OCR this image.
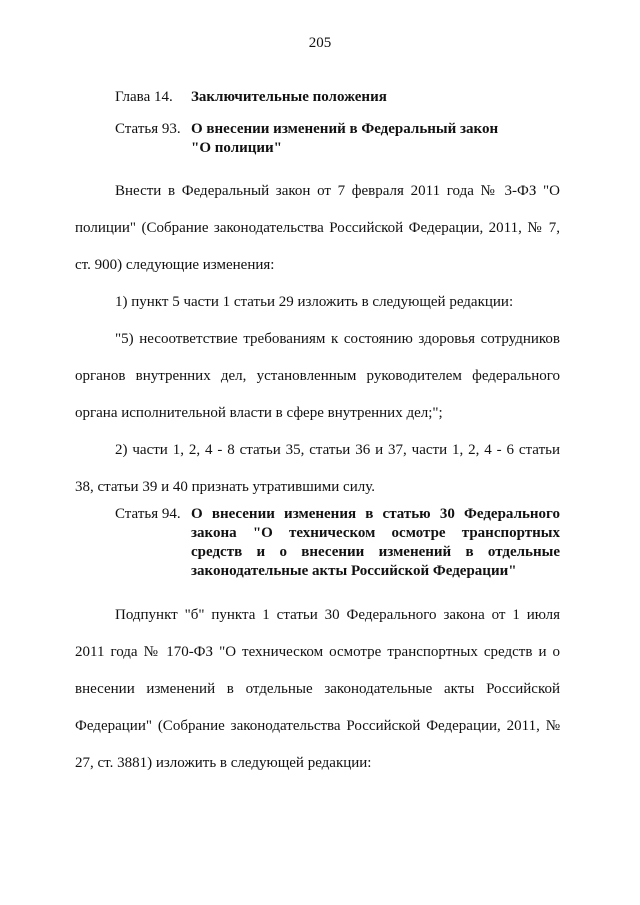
205
Глава 14. Заключительные положения
Статья 93. О внесении изменений в Федеральный закон
"О полиции"

Внести в Федеральный закон от 7 февраля 2011 года № 3-ФЗ "О полиции" (Собрание законодательства Российской Федерации, 2011, № 7, ст. 900) следующие изменения:

1) пункт 5 части 1 статьи 29 изложить в следующей редакции:

"5) несоответствие требованиям к состоянию здоровья сотрудников органов внутренних дел, установленным руководителем федерального органа исполнительной власти в сфере внутренних дел;";

2) части 1, 2, 4 - 8 статьи 35, статьи 36 и 37, части 1, 2, 4 - 6 статьи 38, статьи 39 и 40 признать утратившими силу.

Статья 94. О внесении изменения в статью 30 Федерального закона "О техническом осмотре транспортных средств и о внесении изменений в отдельные законодательные акты Российской Федерации"

Подпункт "б" пункта 1 статьи 30 Федерального закона от 1 июля 2011 года № 170-ФЗ "О техническом осмотре транспортных средств и о внесении изменений в отдельные законодательные акты Российской Федерации" (Собрание законодательства Российской Федерации, 2011, № 27, ст. 3881) изложить в следующей редакции:
